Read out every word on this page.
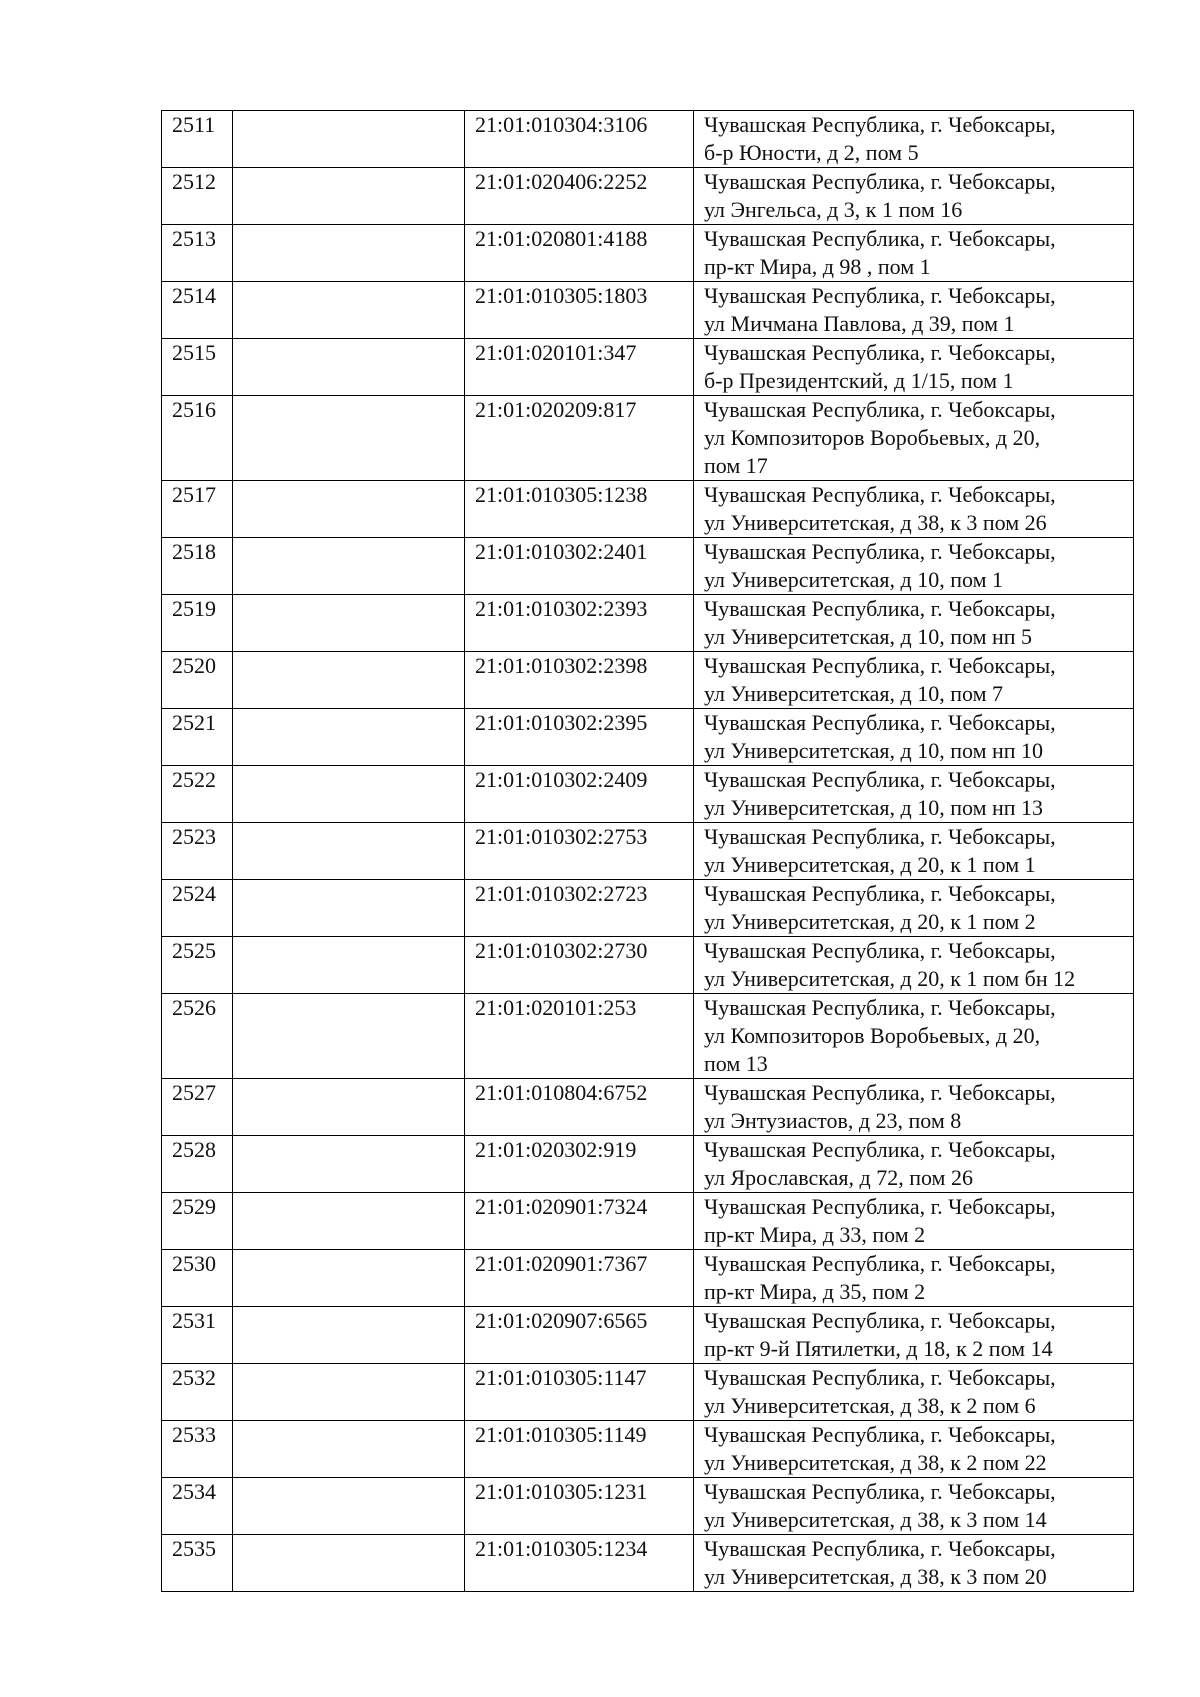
2511		21:01:010304:3106	Чувашская Республика, г. Чебоксары,
б-р Юности, д 2, пом 5

2512		21:01:020406:2252	Чувашская Республика, г. Чебоксары,
ул Энгельса, д 3, к 1 пом 16

2513		21:01:020801:4188	Чувашская Республика, г. Чебоксары,
пр-кт Мира, д 98 , пом 1

2514		21:01:010305:1803	Чувашская Республика, г. Чебоксары,
ул Мичмана Павлова, д 39, пом 1

2515		21:01:020101:347	Чувашская Республика, г. Чебоксары,
б-р Президентский, д 1/15, пом 1

2516		21:01:020209:817	Чувашская Республика, г. Чебоксары,
ул Композиторов Воробьевых, д 20,
пом 17

2517		21:01:010305:1238	Чувашская Республика, г. Чебоксары,
ул Университетская, д 38, к 3 пом 26

2518		21:01:010302:2401	Чувашская Республика, г. Чебоксары,
ул Университетская, д 10, пом 1

2519		21:01:010302:2393	Чувашская Республика, г. Чебоксары,
ул Университетская, д 10, пом нп 5

2520		21:01:010302:2398	Чувашская Республика, г. Чебоксары,
ул Университетская, д 10, пом 7

2521		21:01:010302:2395	Чувашская Республика, г. Чебоксары,
ул Университетская, д 10, пом нп 10

2522		21:01:010302:2409	Чувашская Республика, г. Чебоксары,
ул Университетская, д 10, пом нп 13

2523		21:01:010302:2753	Чувашская Республика, г. Чебоксары,
ул Университетская, д 20, к 1 пом 1

2524		21:01:010302:2723	Чувашская Республика, г. Чебоксары,
ул Университетская, д 20, к 1 пом 2

2525		21:01:010302:2730	Чувашская Республика, г. Чебоксары,
ул Университетская, д 20, к 1 пом бн 12

2526		21:01:020101:253	Чувашская Республика, г. Чебоксары,
ул Композиторов Воробьевых, д 20,
пом 13

2527		21:01:010804:6752	Чувашская Республика, г. Чебоксары,
ул Энтузиастов, д 23, пом 8

2528		21:01:020302:919	Чувашская Республика, г. Чебоксары,
ул Ярославская, д 72, пом 26

2529		21:01:020901:7324	Чувашская Республика, г. Чебоксары,
пр-кт Мира, д 33, пом 2

2530		21:01:020901:7367	Чувашская Республика, г. Чебоксары,
пр-кт Мира, д 35, пом 2

2531		21:01:020907:6565	Чувашская Республика, г. Чебоксары,
пр-кт 9-й Пятилетки, д 18, к 2 пом 14

2532		21:01:010305:1147	Чувашская Республика, г. Чебоксары,
ул Университетская, д 38, к 2 пом 6

2533		21:01:010305:1149	Чувашская Республика, г. Чебоксары,
ул Университетская, д 38, к 2 пом 22

2534		21:01:010305:1231	Чувашская Республика, г. Чебоксары,
ул Университетская, д 38, к 3 пом 14

2535		21:01:010305:1234	Чувашская Республика, г. Чебоксары,
ул Университетская, д 38, к 3 пом 20
